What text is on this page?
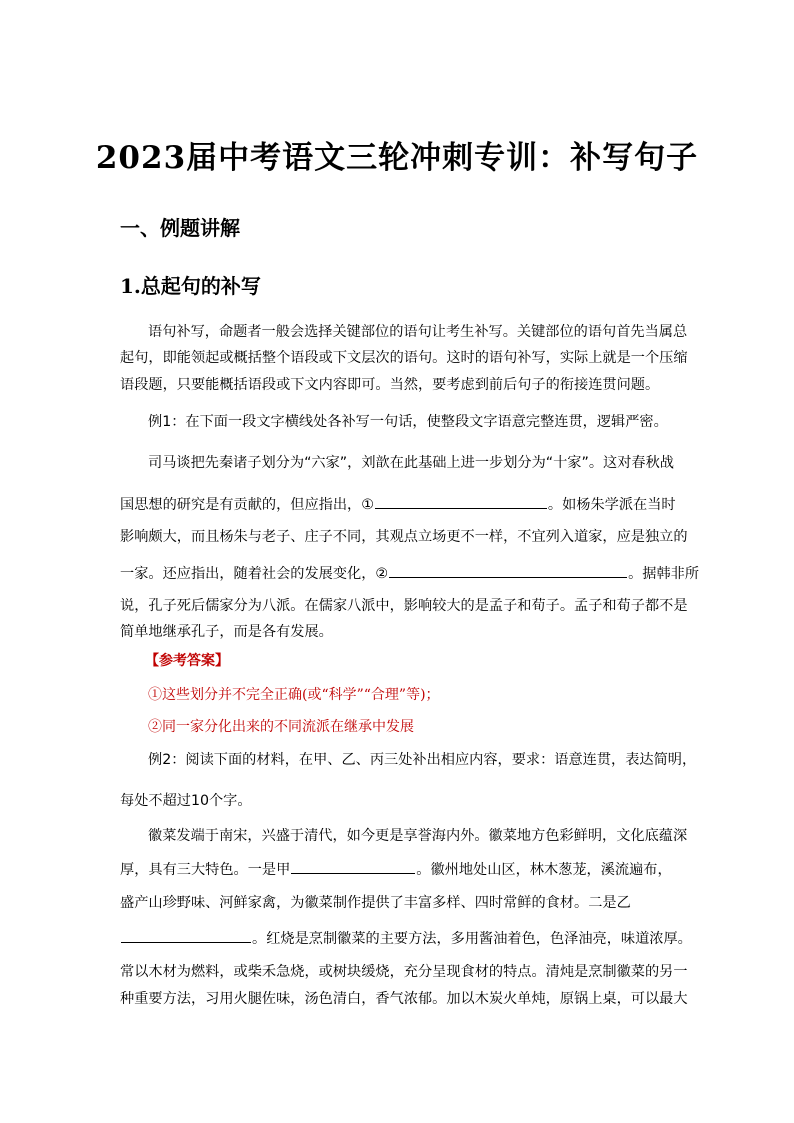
2023届中考语文三轮冲刺专训：补写句子
一、例题讲解
1.总起句的补写
语句补写，命题者一般会选择关键部位的语句让考生补写。关键部位的语句首先当属总
起句，即能领起或概括整个语段或下文层次的语句。这时的语句补写，实际上就是一个压缩
语段题，只要能概括语段或下文内容即可。当然，要考虑到前后句子的衔接连贯问题。
例1：在下面一段文字横线处各补写一句话，使整段文字语意完整连贯，逻辑严密。
司马谈把先秦诸子划分为“六家”，刘歆在此基础上进一步划分为“十家”。这对春秋战
国思想的研究是有贡献的，但应指出，①	。如杨朱学派在当时
影响颇大，而且杨朱与老子、庄子不同，其观点立场更不一样，不宜列入道家，应是独立的
一家。还应指出，随着社会的发展变化，②	。据韩非所
说，孔子死后儒家分为八派。在儒家八派中，影响较大的是孟子和荀子。孟子和荀子都不是
简单地继承孔子，而是各有发展。
【参考答案】
①这些划分并不完全正确(或“科学”“合理”等)；
②同一家分化出来的不同流派在继承中发展
例2：阅读下面的材料，在甲、乙、丙三处补出相应内容，要求：语意连贯，表达简明，
每处不超过10个字。
徽菜发端于南宋，兴盛于清代，如今更是享誉海内外。徽菜地方色彩鲜明，文化底蕴深
厚，具有三大特色。一是甲	。徽州地处山区，林木葱茏，溪流遍布，
盛产山珍野味、河鲜家禽，为徽菜制作提供了丰富多样、四时常鲜的食材。二是乙
。红烧是烹制徽菜的主要方法，多用酱油着色，色泽油亮，味道浓厚。
常以木材为燃料，或柴禾急烧，或树块缓烧，充分呈现食材的特点。清炖是烹制徽菜的另一
种重要方法，习用火腿佐味，汤色清白，香气浓郁。加以木炭火单炖，原锅上桌，可以最大
